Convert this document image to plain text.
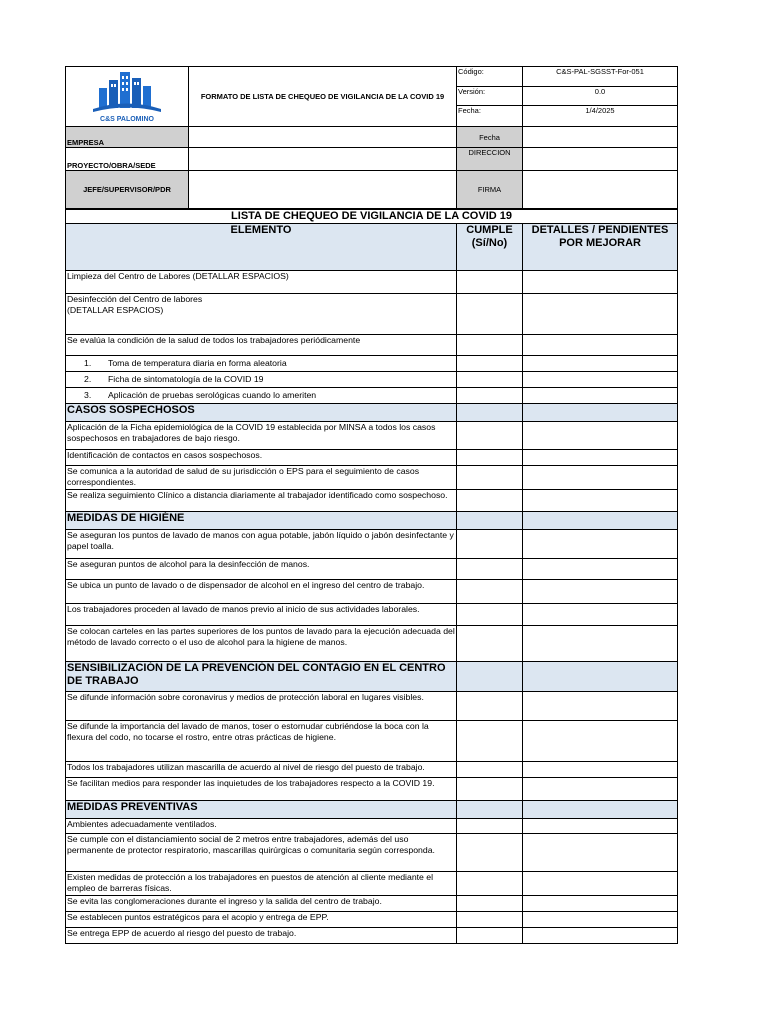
C&S PALOMINO	FORMATO DE LISTA DE CHEQUEO DE VIGILANCIA DE LA COVID 19	Código:	C&S-PAL-SGSST-For-051
		Versión:	0.0
		Fecha:	1/4/2025
EMPRESA		Fecha	
PROYECTO/OBRA/SEDE		DIRECCION	
JEFE/SUPERVISOR/PDR		FIRMA	
LISTA DE CHEQUEO DE VIGILANCIA DE LA COVID 19		
ELEMENTO	CUMPLE (Sí/No)	DETALLES / PENDIENTES POR MEJORAR
Limpieza del Centro de Labores (DETALLAR ESPACIOS)		
Desinfección del Centro de labores
(DETALLAR ESPACIOS)		
Se evalúa la condición de la salud de todos los trabajadores periódicamente		
1. Toma de temperatura diaria en forma aleatoria		
2. Ficha de sintomatología de la COVID 19		
3. Aplicación de pruebas serológicas cuando lo ameriten		
CASOS SOSPECHOSOS		
Aplicación de la Ficha epidemiológica de la COVID 19 establecida por MINSA a todos los casos sospechosos en trabajadores de bajo riesgo.		
Identificación de contactos en casos sospechosos.		
Se comunica a la autoridad de salud de su jurisdicción o EPS para el seguimiento de casos correspondientes.		
Se realiza seguimiento Clínico a distancia diariamente al trabajador identificado como sospechoso.		
MEDIDAS DE HIGIÉNE		
Se aseguran los puntos de lavado de manos con agua potable, jabón líquido o jabón desinfectante y papel toalla.		
Se aseguran puntos de alcohol para la desinfección de manos.		
Se ubica un punto de lavado o de dispensador de alcohol en el ingreso del centro de trabajo.		
Los trabajadores proceden al lavado de manos previo al inicio de sus actividades laborales.		
Se colocan carteles en las partes superiores de los puntos de lavado para la ejecución adecuada del método de lavado correcto o el uso de alcohol para la higiene de manos.		
SENSIBILIZACIÓN DE LA PREVENCIÓN DEL CONTAGIO EN EL CENTRO DE TRABAJO		
Se difunde información sobre coronavirus y medios de protección laboral en lugares visibles.		
Se difunde la importancia del lavado de manos, toser o estornudar cubriéndose la boca con la flexura del codo, no tocarse el rostro, entre otras prácticas de higiene.		
Todos los trabajadores utilizan mascarilla de acuerdo al nivel de riesgo del puesto de trabajo.		
Se facilitan medios para responder las inquietudes de los trabajadores respecto a la COVID 19.		
MEDIDAS PREVENTIVAS		
Ambientes adecuadamente ventilados.		
Se cumple con el distanciamiento social de 2 metros entre trabajadores, además del uso permanente de protector respiratorio, mascarillas quirúrgicas o comunitaria según corresponda.		
Existen medidas de protección a los trabajadores en puestos de atención al cliente mediante el empleo de barreras físicas.		
Se evita las conglomeraciones durante el ingreso y la salida del centro de trabajo.		
Se establecen puntos estratégicos para el acopio y entrega de EPP.		
Se entrega EPP de acuerdo al riesgo del puesto de trabajo.		
